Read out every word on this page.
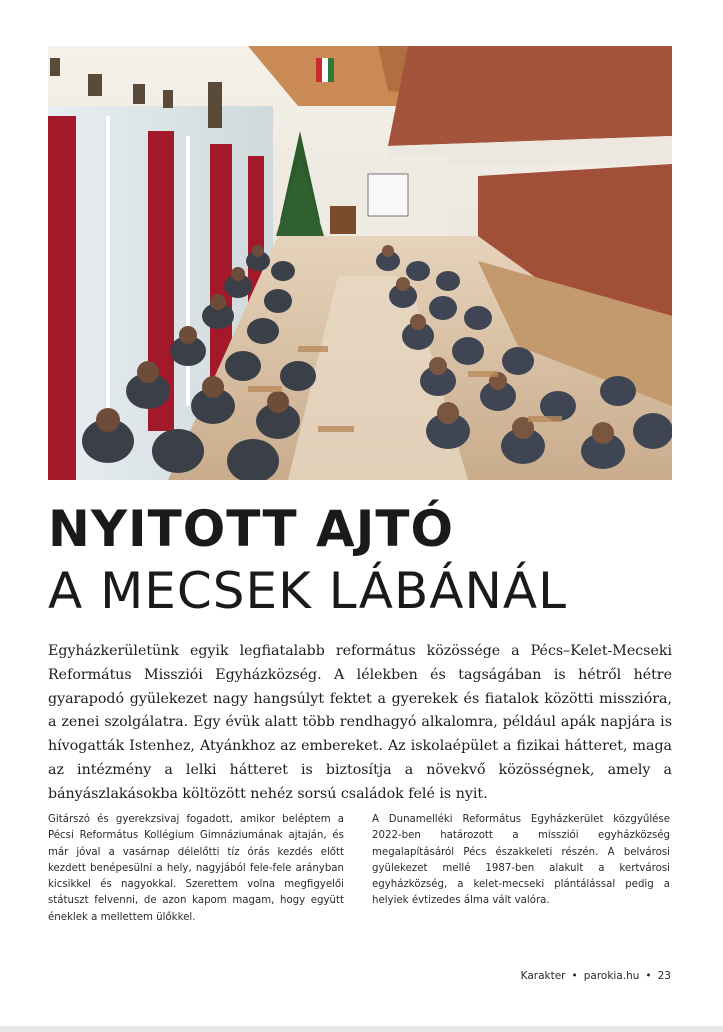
NYITOTT AJTÓ
A MECSEK LÁBÁNÁL

Egyházkerületünk egyik legfiatalabb református közössége a Pécs–Kelet-Mecseki Református Missziói Egyházközség. A lélekben és tagságában is hétről hétre gyarapodó gyülekezet nagy hangsúlyt fektet a gyerekek és fiatalok közötti misszióra, a zenei szolgálatra. Egy évük alatt több rendhagyó alkalomra, például apák napjára is hívogatták Istenhez, Atyánkhoz az embereket. Az iskolaépület a fizikai hátteret, maga az intézmény a lelki hátteret is biztosítja a növekvő közösségnek, amely a bányászlakásokba költözött nehéz sorsú családok felé is nyit.

Gitárszó és gyerekzsivaj fogadott, amikor beléptem a Pécsi Református Kollégium Gimnáziumának ajtaján, és már jóval a vasárnap délelőtti tíz órás kezdés előtt kezdett benépesülni a hely, nagyjából fele-fele arányban kicsikkel és nagyokkal. Szerettem volna megfigyelői státuszt felvenni, de azon kapom magam, hogy együtt éneklek a mellettem ülőkkel.

A Dunamelléki Református Egyházkerület közgyűlése 2022-ben határozott a missziói egyházközség megalapításáról Pécs északkeleti részén. A belvárosi gyülekezet mellé 1987-ben alakult a kertvárosi egyházközség, a kelet-mecseki plántálással pedig a helyiek évtizedes álma vált valóra.

Karakter • parokia.hu • 23
